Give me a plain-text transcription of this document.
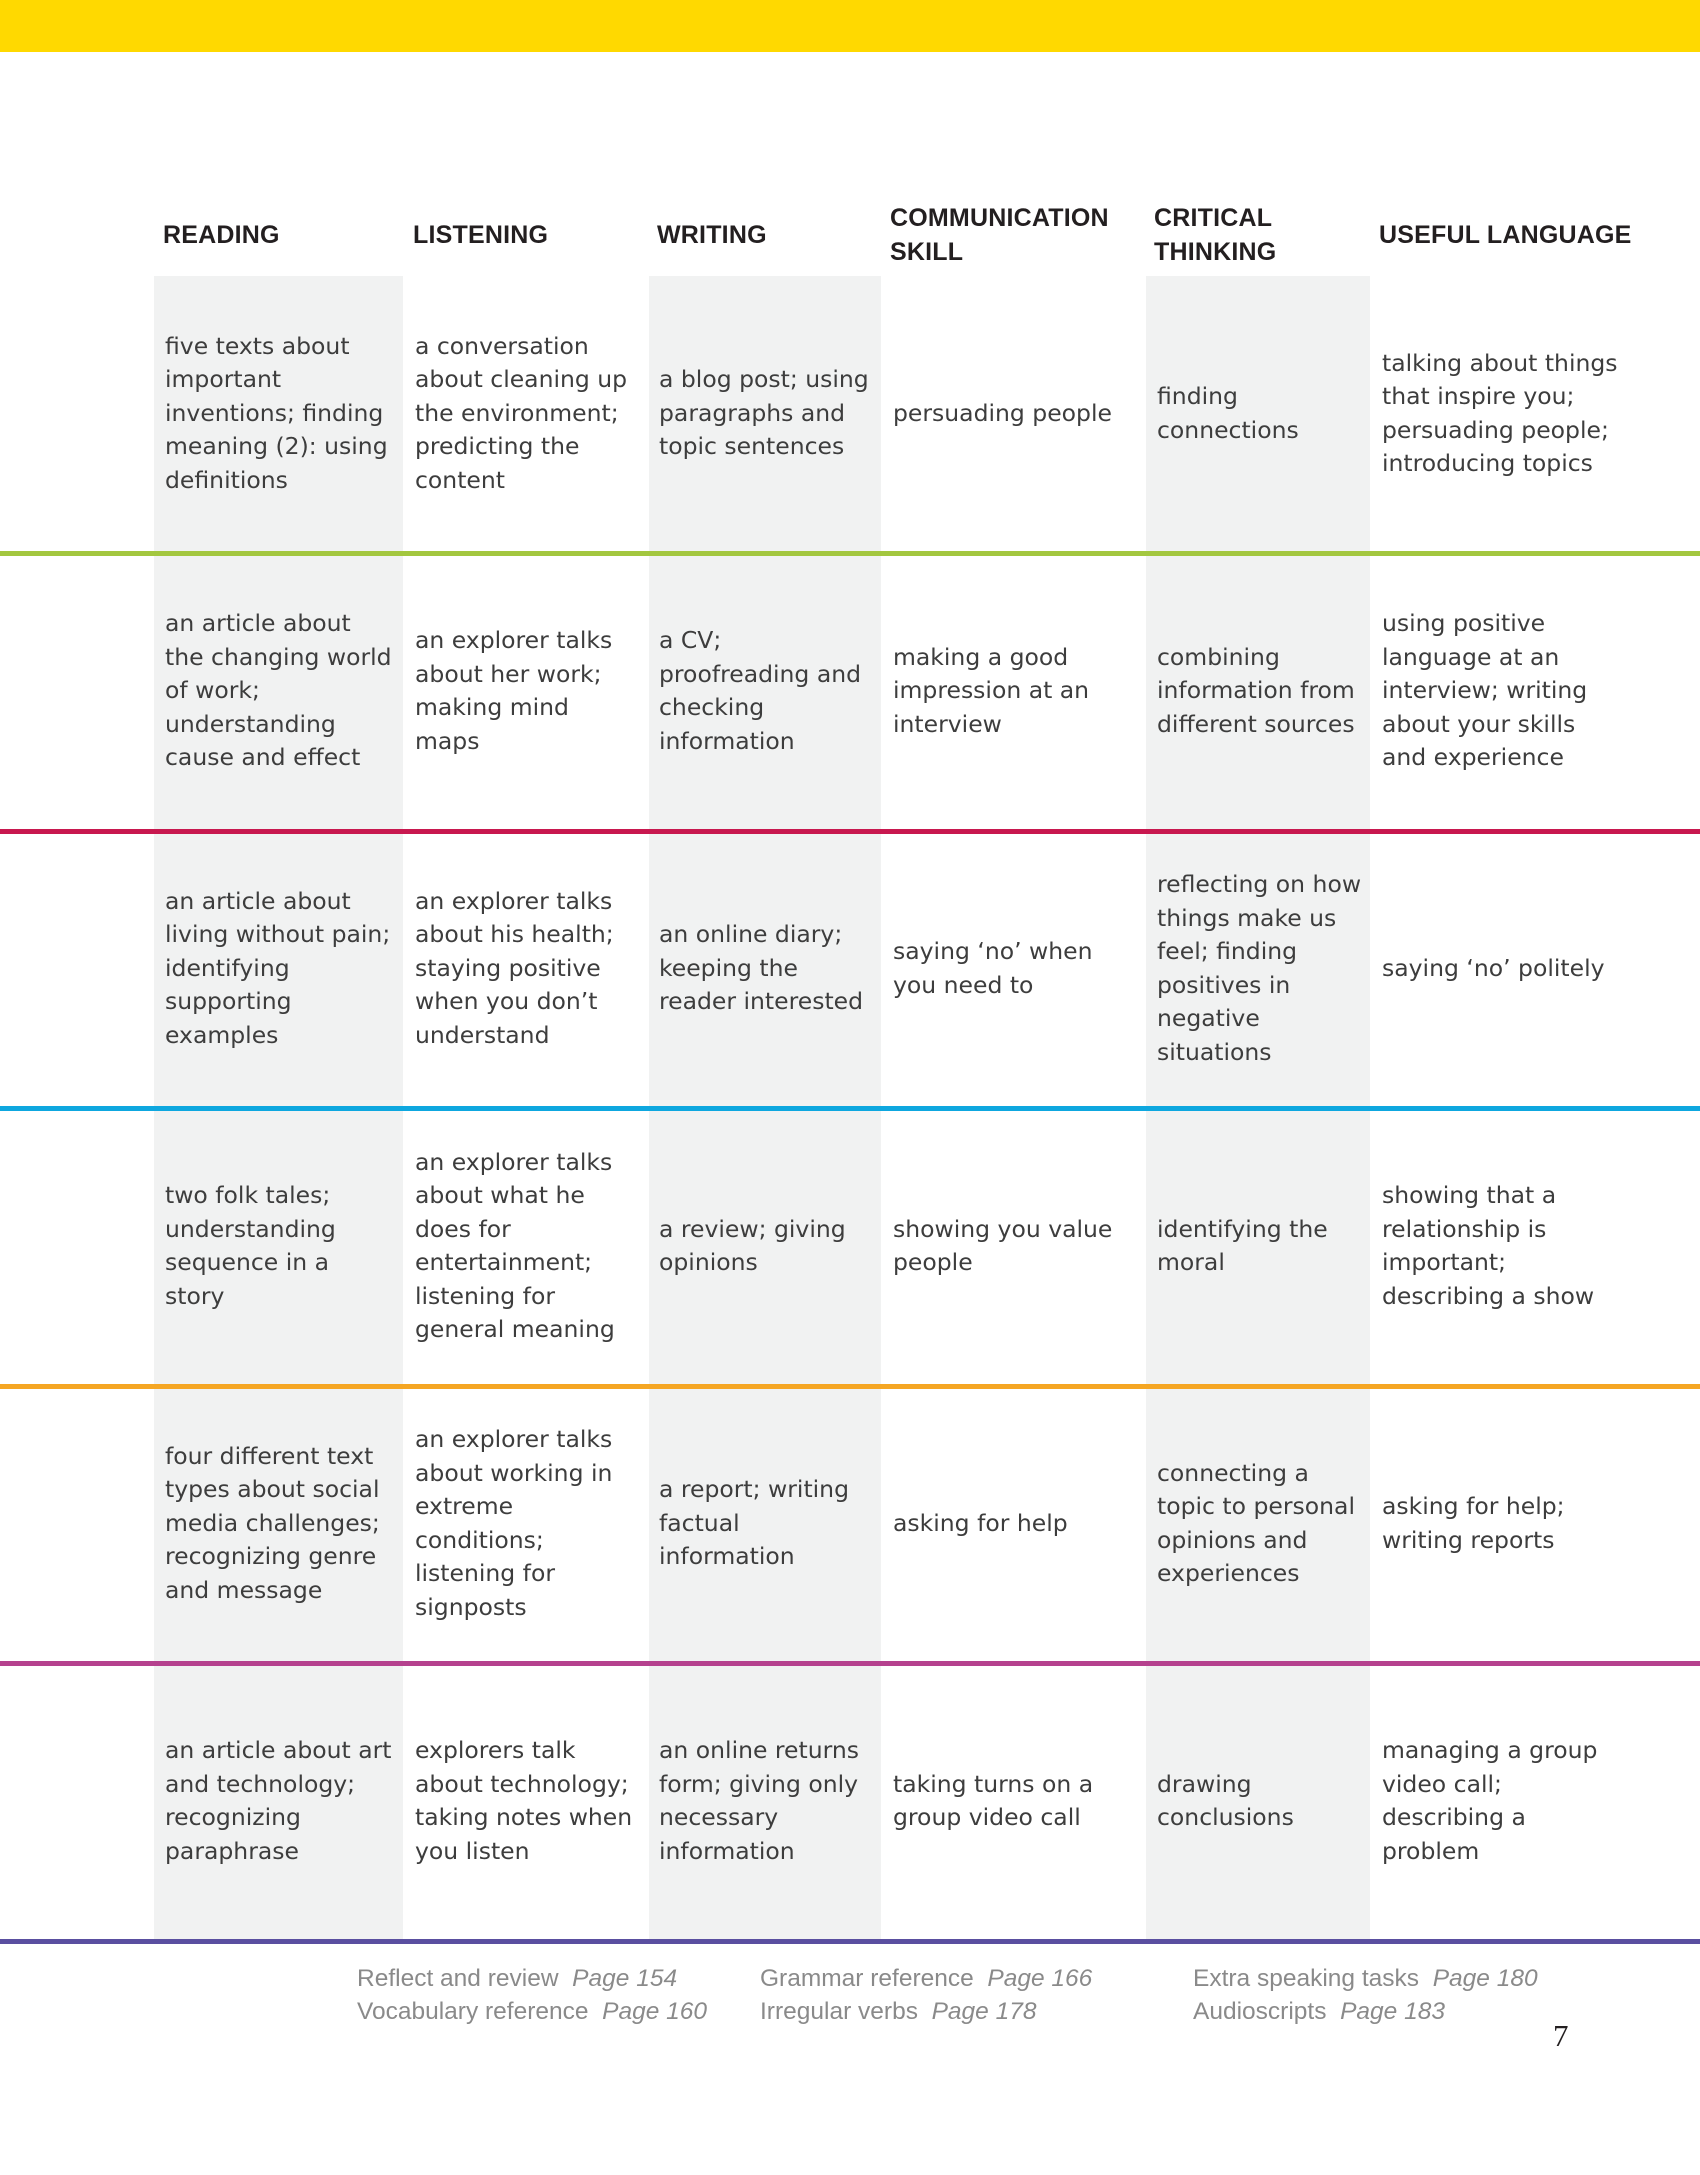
READING	LISTENING	WRITING
COMMUNICATION SKILL
CRITICAL THINKING
USEFUL LANGUAGE
five texts about important inventions; finding meaning (2): using definitions
a conversation about cleaning up the environment; predicting the content
a blog post; using paragraphs and topic sentences
persuading people
finding connections
talking about things that inspire you; persuading people; introducing topics
an article about the changing world of work; understanding cause and effect
an explorer talks about her work; making mind maps
a CV; proofreading and checking information
making a good impression at an interview
combining information from different sources
using positive language at an interview; writing about your skills and experience
an article about living without pain; identifying supporting examples
an explorer talks about his health; staying positive when you don’t understand
an online diary; keeping the reader interested
saying ‘no’ when you need to
reflecting on how things make us feel; finding positives in negative situations
saying ‘no’ politely
two folk tales; understanding sequence in a story
an explorer talks about what he does for entertainment; listening for general meaning
a review; giving opinions
showing you value people
identifying the moral
showing that a relationship is important; describing a show
four different text types about social media challenges; recognizing genre and message
an explorer talks about working in extreme conditions; listening for signposts
a report; writing factual information
asking for help
connecting a topic to personal opinions and experiences
asking for help; writing reports
an article about art and technology; recognizing paraphrase
explorers talk about technology; taking notes when you listen
an online returns form; giving only necessary information
taking turns on a group video call
drawing conclusions
managing a group video call; describing a problem
Reflect and review Page 154
Vocabulary reference Page 160
Grammar reference Page 166
Irregular verbs Page 178
Extra speaking tasks Page 180
Audioscripts Page 183
7
